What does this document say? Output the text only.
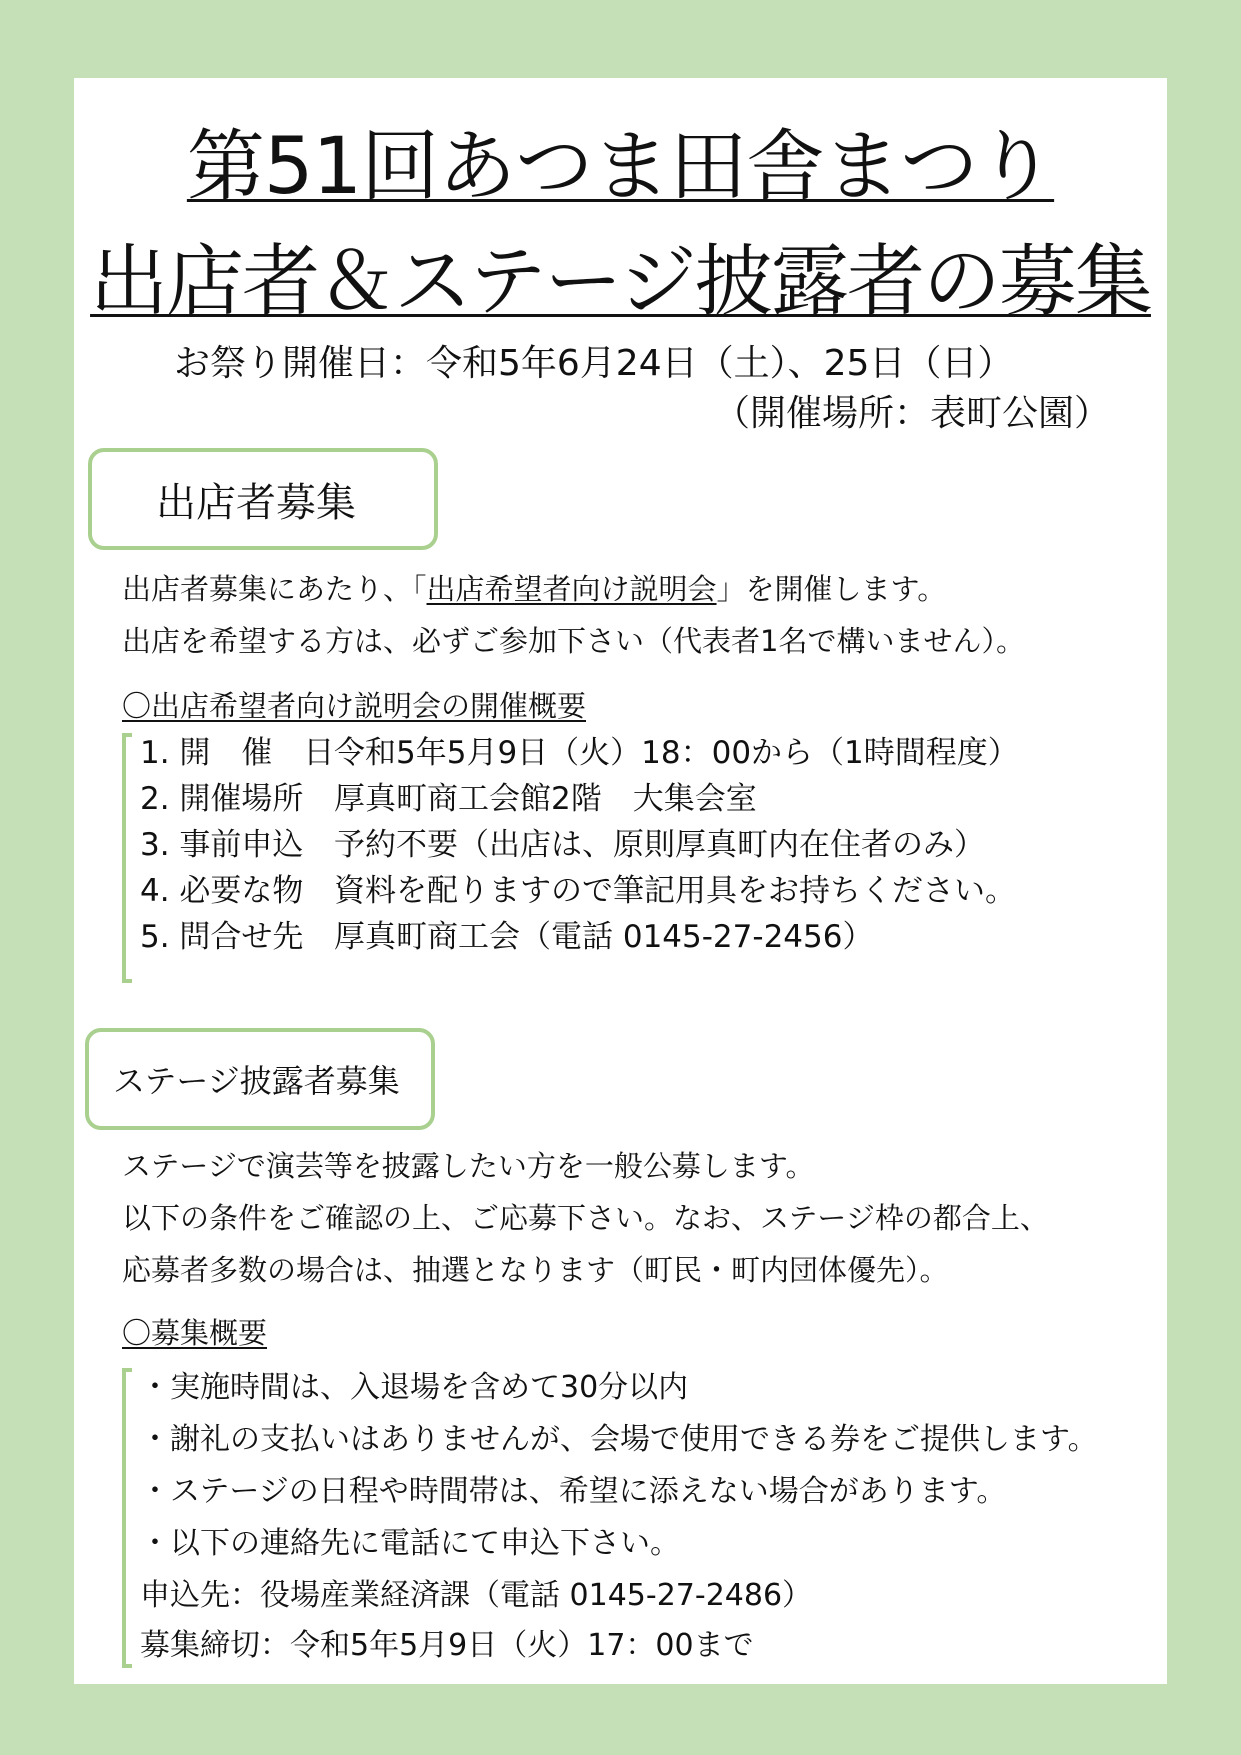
第51回あつま田舎まつり
出店者＆ステージ披露者の募集
お祭り開催日：令和5年6月24日（土）、25日（日）
（開催場所：表町公園）
出店者募集
出店者募集にあたり、「出店希望者向け説明会」を開催します。
出店を希望する方は、必ずご参加下さい（代表者1名で構いません）。
〇出店希望者向け説明会の開催概要
1. 開　催　日令和5年5月9日（火）18：00から（1時間程度）
2. 開催場所 厚真町商工会館2階　大集会室
3. 事前申込 予約不要（出店は、原則厚真町内在住者のみ）
4. 必要な物 資料を配りますので筆記用具をお持ちください。
5. 問合せ先 厚真町商工会（電話 0145-27-2456）
ステージ披露者募集
ステージで演芸等を披露したい方を一般公募します。
以下の条件をご確認の上、ご応募下さい。なお、ステージ枠の都合上、
応募者多数の場合は、抽選となります（町民・町内団体優先）。
〇募集概要
・実施時間は、入退場を含めて30分以内
・謝礼の支払いはありませんが、会場で使用できる券をご提供します。
・ステージの日程や時間帯は、希望に添えない場合があります。
・以下の連絡先に電話にて申込下さい。
申込先：役場産業経済課（電話 0145-27-2486）
募集締切：令和5年5月9日（火）17：00まで
